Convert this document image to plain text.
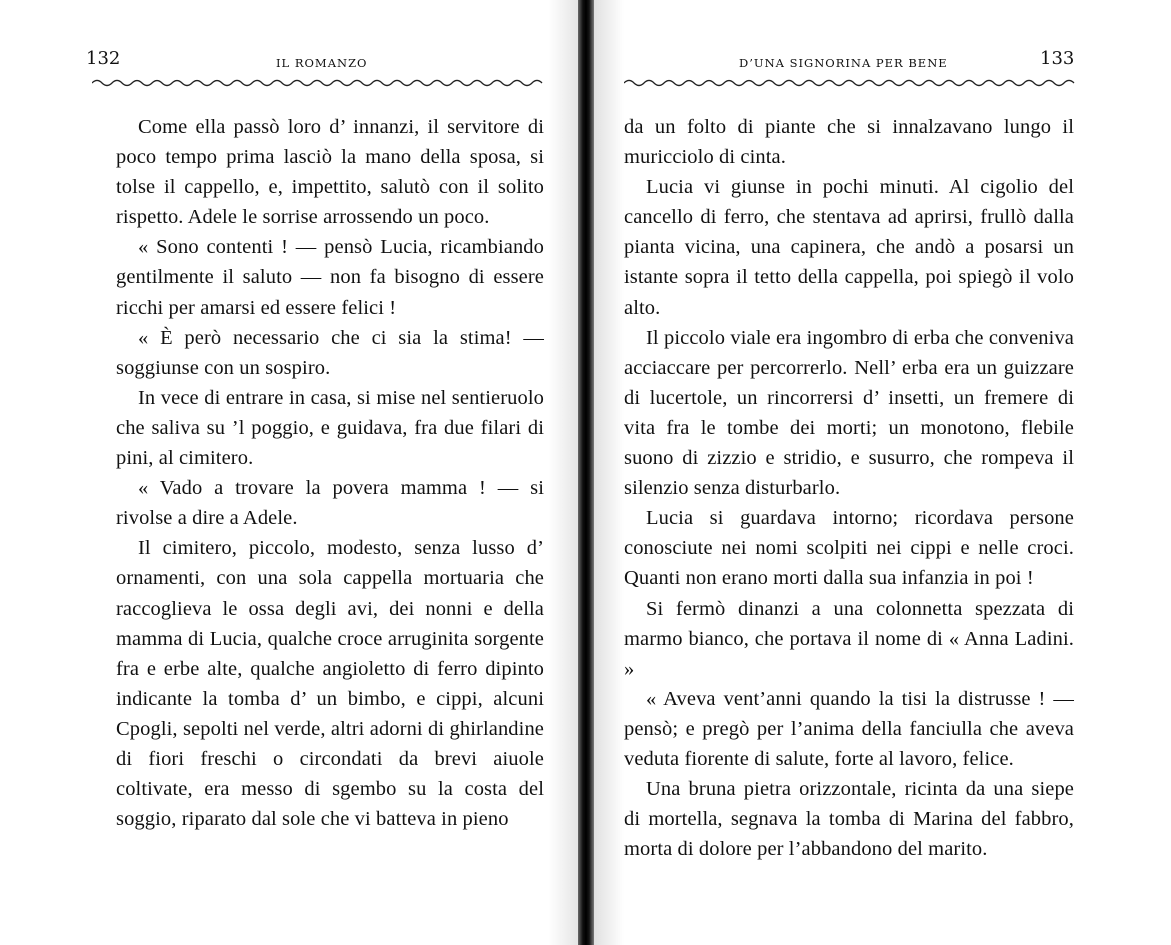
132	IL ROMANZO

Come ella passò loro d’ innanzi, il servitore di poco tempo prima lasciò la mano della sposa, si tolse il cappello, e, impettito, salutò con il solito rispetto. Adele le sorrise arrossendo un poco.

« Sono contenti ! — pensò Lucia, ricambiando gentilmente il saluto — non fa bisogno di essere ricchi per amarsi ed essere felici !

« È però necessario che ci sia la stima! — soggiunse con un sospiro.

In vece di entrare in casa, si mise nel sentieruolo che saliva su ’l poggio, e guidava, fra due filari di pini, al cimitero.

« Vado a trovare la povera mamma ! — si rivolse a dire a Adele.

Il cimitero, piccolo, modesto, senza lusso d’ ornamenti, con una sola cappella mortuaria che raccoglieva le ossa degli avi, dei nonni e della mamma di Lucia, qualche croce arruginita sorgente fra e erbe alte, qualche angioletto di ferro dipinto indicante la tomba d’ un bimbo, e cippi, alcuni Cpogli, sepolti nel verde, altri adorni di ghirlandine di fiori freschi o circondati da brevi aiuole coltivate, era messo di sgembo su la costa del soggio, riparato dal sole che vi batteva in pieno

D’UNA SIGNORINA PER BENE	133

da un folto di piante che si innalzavano lungo il muricciolo di cinta.

Lucia vi giunse in pochi minuti. Al cigolio del cancello di ferro, che stentava ad aprirsi, frullò dalla pianta vicina, una capinera, che andò a posarsi un istante sopra il tetto della cappella, poi spiegò il volo alto.

Il piccolo viale era ingombro di erba che conveniva acciaccare per percorrerlo. Nell’ erba era un guizzare di lucertole, un rincorrersi d’ insetti, un fremere di vita fra le tombe dei morti; un monotono, flebile suono di zizzio e stridio, e susurro, che rompeva il silenzio senza disturbarlo.

Lucia si guardava intorno; ricordava persone conosciute nei nomi scolpiti nei cippi e nelle croci. Quanti non erano morti dalla sua infanzia in poi !

Si fermò dinanzi a una colonnetta spezzata di marmo bianco, che portava il nome di « Anna Ladini. »

« Aveva vent’anni quando la tisi la distrusse ! — pensò; e pregò per l’anima della fanciulla che aveva veduta fiorente di salute, forte al lavoro, felice.

Una bruna pietra orizzontale, ricinta da una siepe di mortella, segnava la tomba di Marina del fabbro, morta di dolore per l’abbandono del marito.
